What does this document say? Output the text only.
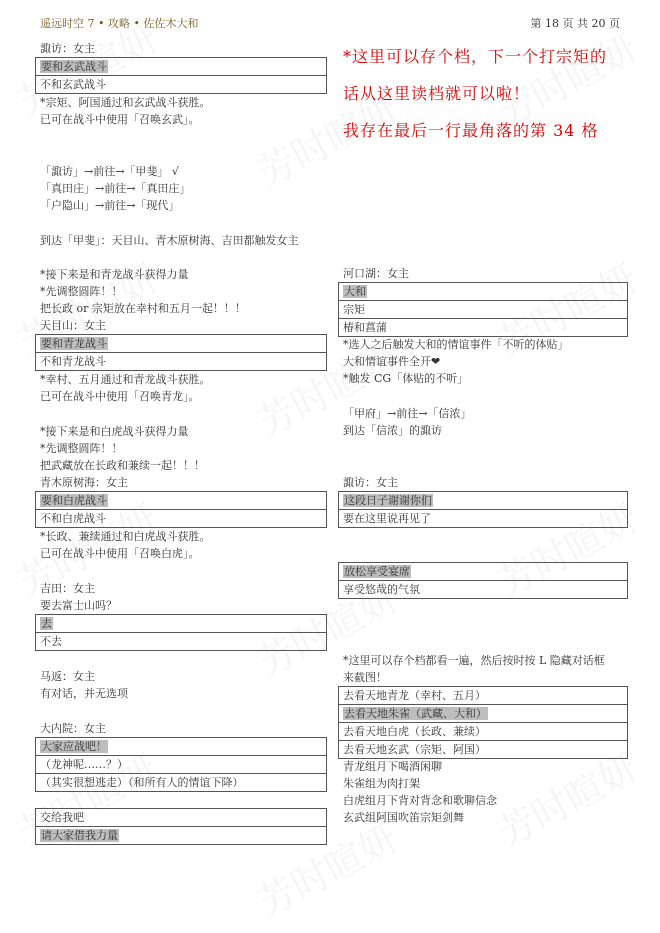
遥远时空 7 • 攻略 • 佐佐木大和	第 18 页 共 20 页
諏访：女主
要和玄武战斗
不和玄武战斗
*宗矩、阿国通过和玄武战斗获胜。
已可在战斗中使用「召唤玄武」。
「諏访」→前往→「甲斐」 √
「真田庄」→前往→「真田庄」
「户隐山」→前往→「现代」
到达「甲斐」：天目山、青木原树海、吉田都触发女主
*接下来是和青龙战斗获得力量
*先调整圆阵！！
把长政 or 宗矩放在幸村和五月一起！！！
天目山：女主
要和青龙战斗
不和青龙战斗
*幸村、五月通过和青龙战斗获胜。
已可在战斗中使用「召唤青龙」。
*接下来是和白虎战斗获得力量
*先调整圆阵！！
把武藏放在长政和兼续一起！！！
青木原树海：女主
要和白虎战斗
不和白虎战斗
*长政、兼续通过和白虎战斗获胜。
已可在战斗中使用「召唤白虎」。
吉田：女主
要去富士山吗？
去
不去
马返：女主
有对话，并无选项
大内院：女主
大家应战吧！
（龙神呢……？）
（其实很想逃走）（和所有人的情谊下降）
交给我吧
请大家借我力量
*这里可以存个档，下一个打宗矩的
话从这里读档就可以啦！
我存在最后一行最角落的第 34 格
河口湖：女主
大和
宗矩
椿和菖蒲
*选人之后触发大和的情谊事件「不听的体贴」
大和情谊事件全开❤
*触发 CG「体贴的不听」
「甲府」→前往→「信浓」
到达「信浓」的諏访
諏访：女主
这段日子谢谢你们
要在这里说再见了
放松享受宴席
享受悠哉的气氛
*这里可以存个档都看一遍，然后按时按 L 隐藏对话框
来截图！
去看天地青龙（幸村、五月）
去看天地朱雀（武藏、大和）
去看天地白虎（长政、兼续）
去看天地玄武（宗矩、阿国）
青龙组月下喝酒闲聊
朱雀组为肉打架
白虎组月下背对背念和歌聊信念
玄武组阿国吹笛宗矩剑舞
